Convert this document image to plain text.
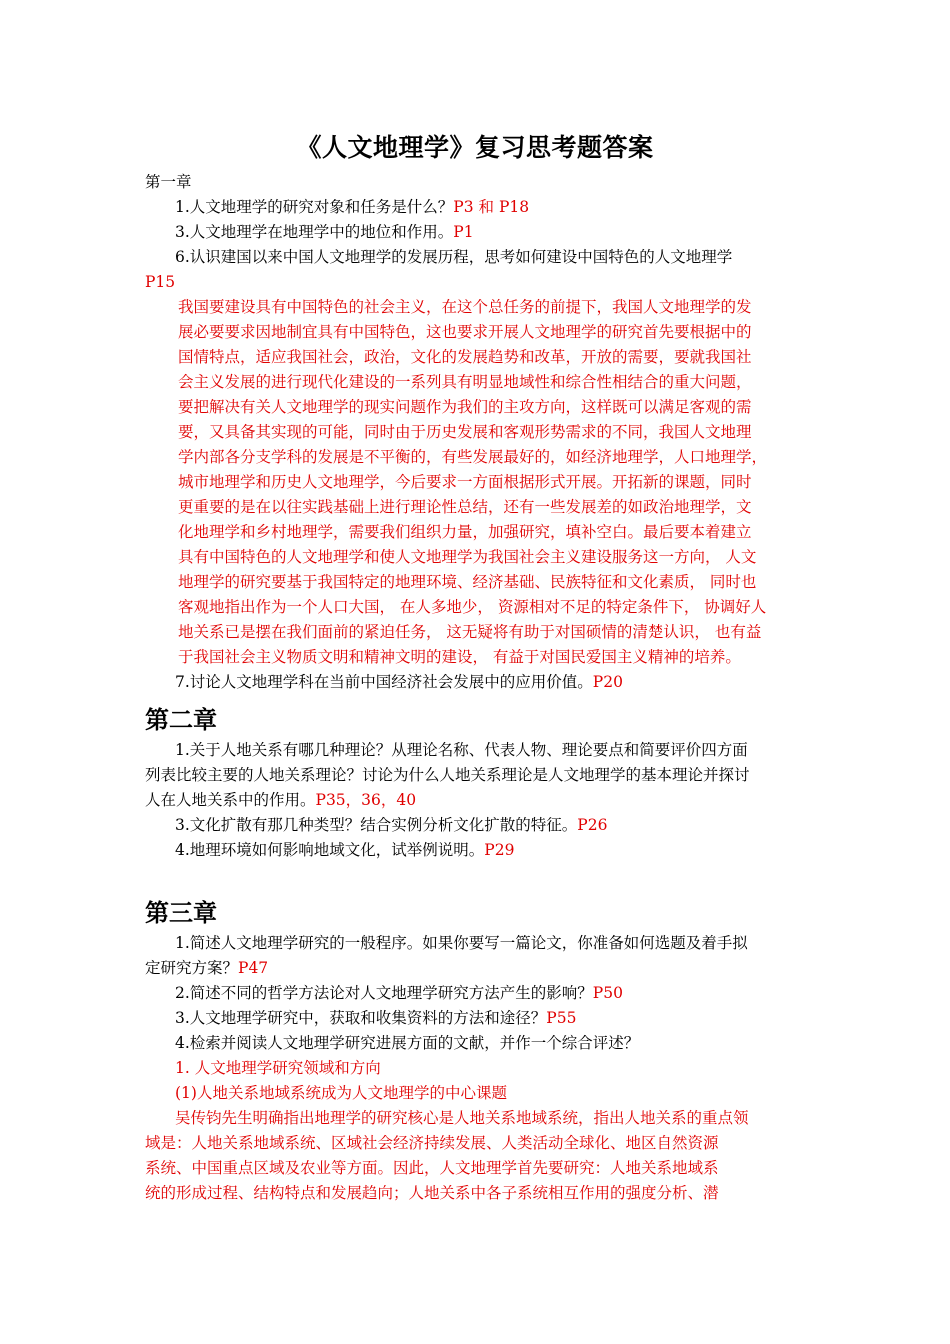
《人文地理学》复习思考题答案
第一章
1.人文地理学的研究对象和任务是什么？P3 和 P18
3.人文地理学在地理学中的地位和作用。P1
6.认识建国以来中国人文地理学的发展历程，思考如何建设中国特色的人文地理学
P15
我国要建设具有中国特色的社会主义，在这个总任务的前提下，我国人文地理学的发
展必要要求因地制宜具有中国特色，这也要求开展人文地理学的研究首先要根据中的
国情特点，适应我国社会，政治，文化的发展趋势和改革，开放的需要，要就我国社
会主义发展的进行现代化建设的一系列具有明显地域性和综合性相结合的重大问题，
要把解决有关人文地理学的现实问题作为我们的主攻方向，这样既可以满足客观的需
要，又具备其实现的可能，同时由于历史发展和客观形势需求的不同，我国人文地理
学内部各分支学科的发展是不平衡的，有些发展最好的，如经济地理学，人口地理学，
城市地理学和历史人文地理学，今后要求一方面根据形式开展。开拓新的课题，同时
更重要的是在以往实践基础上进行理论性总结，还有一些发展差的如政治地理学，文
化地理学和乡村地理学，需要我们组织力量，加强研究，填补空白。最后要本着建立
具有中国特色的人文地理学和使人文地理学为我国社会主义建设服务这一方向， 人文
地理学的研究要基于我国特定的地理环境、经济基础、民族特征和文化素质， 同时也
客观地指出作为一个人口大国， 在人多地少， 资源相对不足的特定条件下， 协调好人
地关系已是摆在我们面前的紧迫任务， 这无疑将有助于对国硕情的清楚认识， 也有益
于我国社会主义物质文明和精神文明的建设， 有益于对国民爱国主义精神的培养。
7.讨论人文地理学科在当前中国经济社会发展中的应用价值。P20
第二章
1.关于人地关系有哪几种理论？从理论名称、代表人物、理论要点和简要评价四方面
列表比较主要的人地关系理论？讨论为什么人地关系理论是人文地理学的基本理论并探讨
人在人地关系中的作用。P35，36，40
3.文化扩散有那几种类型？结合实例分析文化扩散的特征。P26
4.地理环境如何影响地域文化，试举例说明。P29
第三章
1.简述人文地理学研究的一般程序。如果你要写一篇论文，你准备如何选题及着手拟
定研究方案？P47
2.简述不同的哲学方法论对人文地理学研究方法产生的影响？P50
3.人文地理学研究中，获取和收集资料的方法和途径？P55
4.检索并阅读人文地理学研究进展方面的文献，并作一个综合评述？
1. 人文地理学研究领域和方向
(1)人地关系地域系统成为人文地理学的中心课题
吴传钧先生明确指出地理学的研究核心是人地关系地域系统，指出人地关系的重点领
域是：人地关系地域系统、区域社会经济持续发展、人类活动全球化、地区自然资源
系统、中国重点区域及农业等方面。因此，人文地理学首先要研究：人地关系地域系
统的形成过程、结构特点和发展趋向；人地关系中各子系统相互作用的强度分析、潜
